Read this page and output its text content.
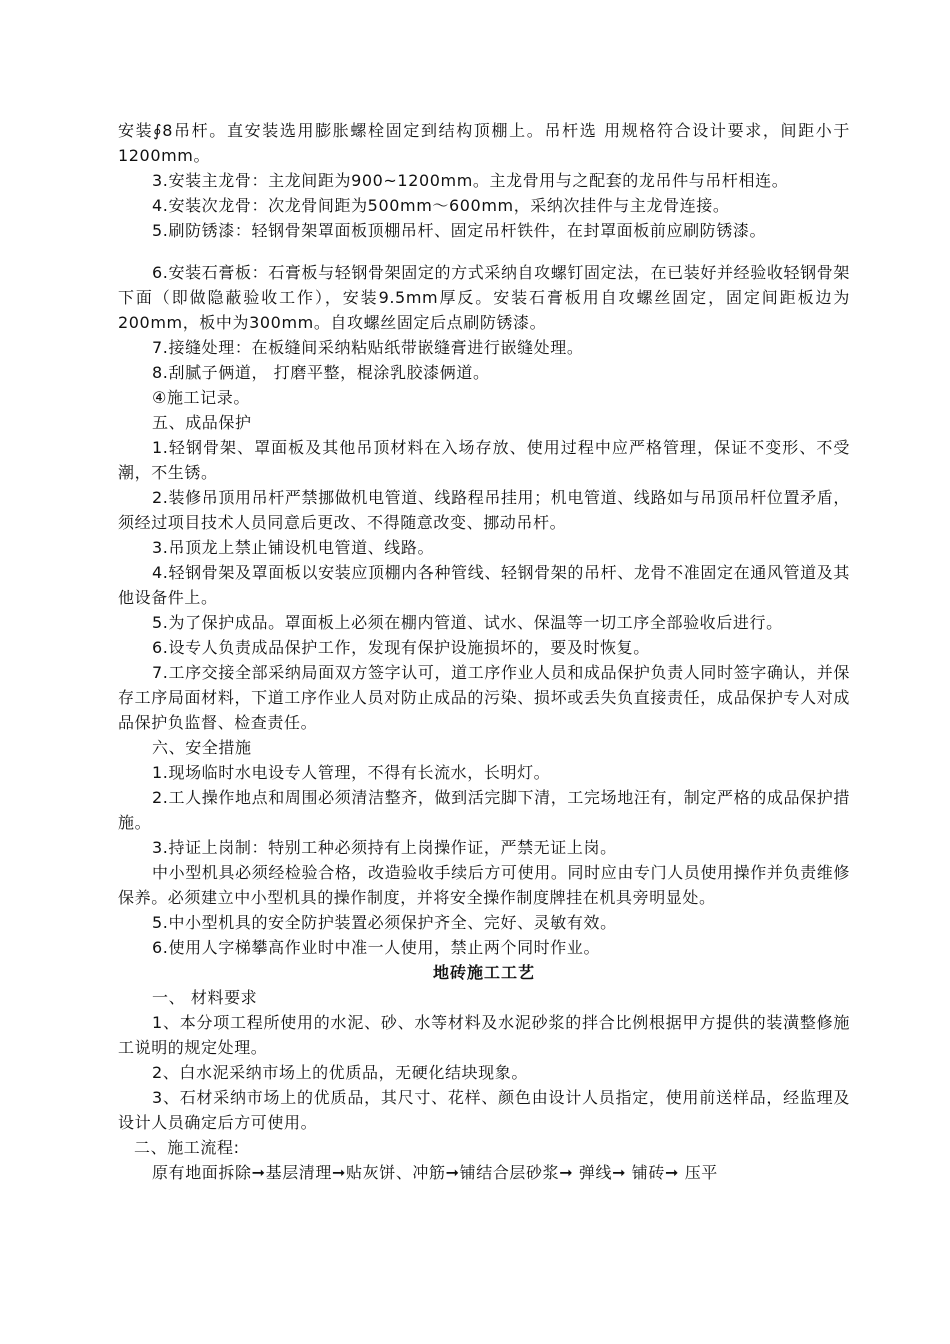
安装∮8吊杆。直安装选用膨胀螺栓固定到结构顶棚上。吊杆选 用规格符合设计要求，间距小于1200mm。

3.安装主龙骨：主龙间距为900~1200mm。主龙骨用与之配套的龙吊件与吊杆相连。

4.安装次龙骨：次龙骨间距为500mm～600mm，采纳次挂件与主龙骨连接。

5.刷防锈漆：轻钢骨架罩面板顶棚吊杆、固定吊杆铁件，在封罩面板前应刷防锈漆。

6.安装石膏板：石膏板与轻钢骨架固定的方式采纳自攻螺钉固定法，在已装好并经验收轻钢骨架下面（即做隐蔽验收工作），安装9.5mm厚反。安装石膏板用自攻螺丝固定，固定间距板边为200mm，板中为300mm。自攻螺丝固定后点刷防锈漆。

7.接缝处理：在板缝间采纳粘贴纸带嵌缝膏进行嵌缝处理。

8.刮腻子俩道， 打磨平整，棍涂乳胶漆俩道。

④施工记录。

五、成品保护

1.轻钢骨架、罩面板及其他吊顶材料在入场存放、使用过程中应严格管理，保证不变形、不受潮，不生锈。

2.装修吊顶用吊杆严禁挪做机电管道、线路程吊挂用；机电管道、线路如与吊顶吊杆位置矛盾，须经过项目技术人员同意后更改、不得随意改变、挪动吊杆。

3.吊顶龙上禁止铺设机电管道、线路。

4.轻钢骨架及罩面板以安装应顶棚内各种管线、轻钢骨架的吊杆、龙骨不准固定在通风管道及其他设备件上。

5.为了保护成品。罩面板上必须在棚内管道、试水、保温等一切工序全部验收后进行。

6.设专人负责成品保护工作，发现有保护设施损坏的，要及时恢复。

7.工序交接全部采纳局面双方签字认可，道工序作业人员和成品保护负责人同时签字确认，并保存工序局面材料，下道工序作业人员对防止成品的污染、损坏或丢失负直接责任，成品保护专人对成品保护负监督、检查责任。

六、安全措施

1.现场临时水电设专人管理，不得有长流水，长明灯。

2.工人操作地点和周围必须清洁整齐，做到活完脚下清，工完场地汪有，制定严格的成品保护措施。

3.持证上岗制：特别工种必须持有上岗操作证，严禁无证上岗。

中小型机具必须经检验合格，改造验收手续后方可使用。同时应由专门人员使用操作并负责维修保养。必须建立中小型机具的操作制度，并将安全操作制度牌挂在机具旁明显处。

5.中小型机具的安全防护装置必须保护齐全、完好、灵敏有效。

6.使用人字梯攀高作业时中准一人使用，禁止两个同时作业。

地砖施工工艺

一、 材料要求

1、本分项工程所使用的水泥、砂、水等材料及水泥砂浆的拌合比例根据甲方提供的装潢整修施工说明的规定处理。

2、白水泥采纳市场上的优质品，无硬化结块现象。

3、石材采纳市场上的优质品，其尺寸、花样、颜色由设计人员指定，使用前送样品，经监理及设计人员确定后方可使用。

二、施工流程:

原有地面拆除➞基层清理➞贴灰饼、冲筋➞铺结合层砂浆➞ 弹线➞ 铺砖➞ 压平
